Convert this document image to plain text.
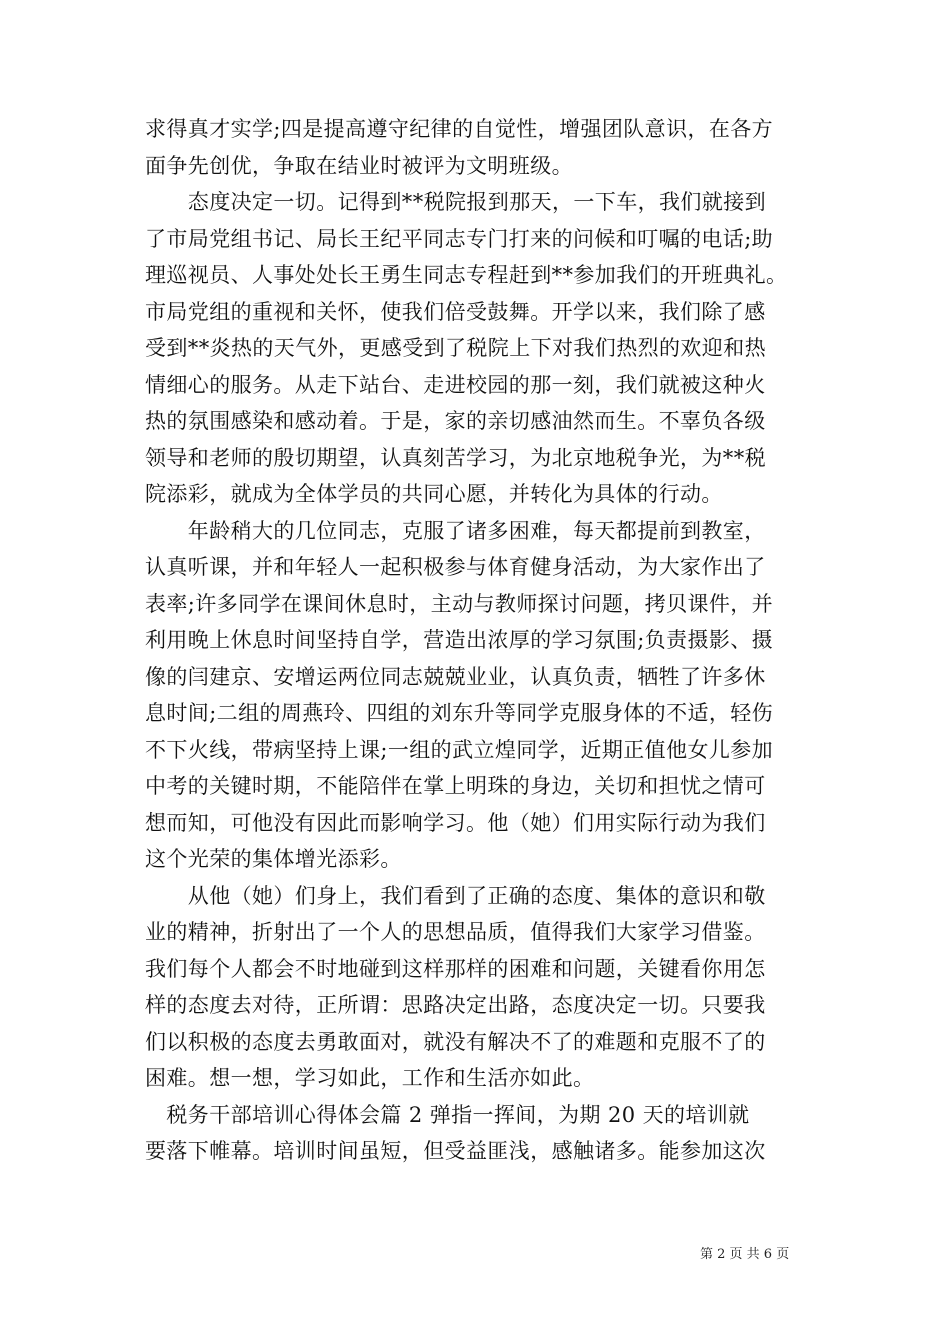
求得真才实学;四是提高遵守纪律的自觉性，增强团队意识，在各方
面争先创优，争取在结业时被评为文明班级。
　　态度决定一切。记得到**税院报到那天，一下车，我们就接到
了市局党组书记、局长王纪平同志专门打来的问候和叮嘱的电话;助
理巡视员、人事处处长王勇生同志专程赶到**参加我们的开班典礼。
市局党组的重视和关怀，使我们倍受鼓舞。开学以来，我们除了感
受到**炎热的天气外，更感受到了税院上下对我们热烈的欢迎和热
情细心的服务。从走下站台、走进校园的那一刻，我们就被这种火
热的氛围感染和感动着。于是，家的亲切感油然而生。不辜负各级
领导和老师的殷切期望，认真刻苦学习，为北京地税争光，为**税
院添彩，就成为全体学员的共同心愿，并转化为具体的行动。
　　年龄稍大的几位同志，克服了诸多困难，每天都提前到教室，
认真听课，并和年轻人一起积极参与体育健身活动，为大家作出了
表率;许多同学在课间休息时，主动与教师探讨问题，拷贝课件，并
利用晚上休息时间坚持自学，营造出浓厚的学习氛围;负责摄影、摄
像的闫建京、安增运两位同志兢兢业业，认真负责，牺牲了许多休
息时间;二组的周燕玲、四组的刘东升等同学克服身体的不适，轻伤
不下火线，带病坚持上课;一组的武立煌同学，近期正值他女儿参加
中考的关键时期，不能陪伴在掌上明珠的身边，关切和担忧之情可
想而知，可他没有因此而影响学习。他（她）们用实际行动为我们
这个光荣的集体增光添彩。
　　从他（她）们身上，我们看到了正确的态度、集体的意识和敬
业的精神，折射出了一个人的思想品质，值得我们大家学习借鉴。
我们每个人都会不时地碰到这样那样的困难和问题，关键看你用怎
样的态度去对待，正所谓：思路决定出路，态度决定一切。只要我
们以积极的态度去勇敢面对，就没有解决不了的难题和克服不了的
困难。想一想，学习如此，工作和生活亦如此。
　税务干部培训心得体会篇 2 弹指一挥间，为期 20 天的培训就
要落下帷幕。培训时间虽短，但受益匪浅，感触诸多。能参加这次
第 2 页 共 6 页
